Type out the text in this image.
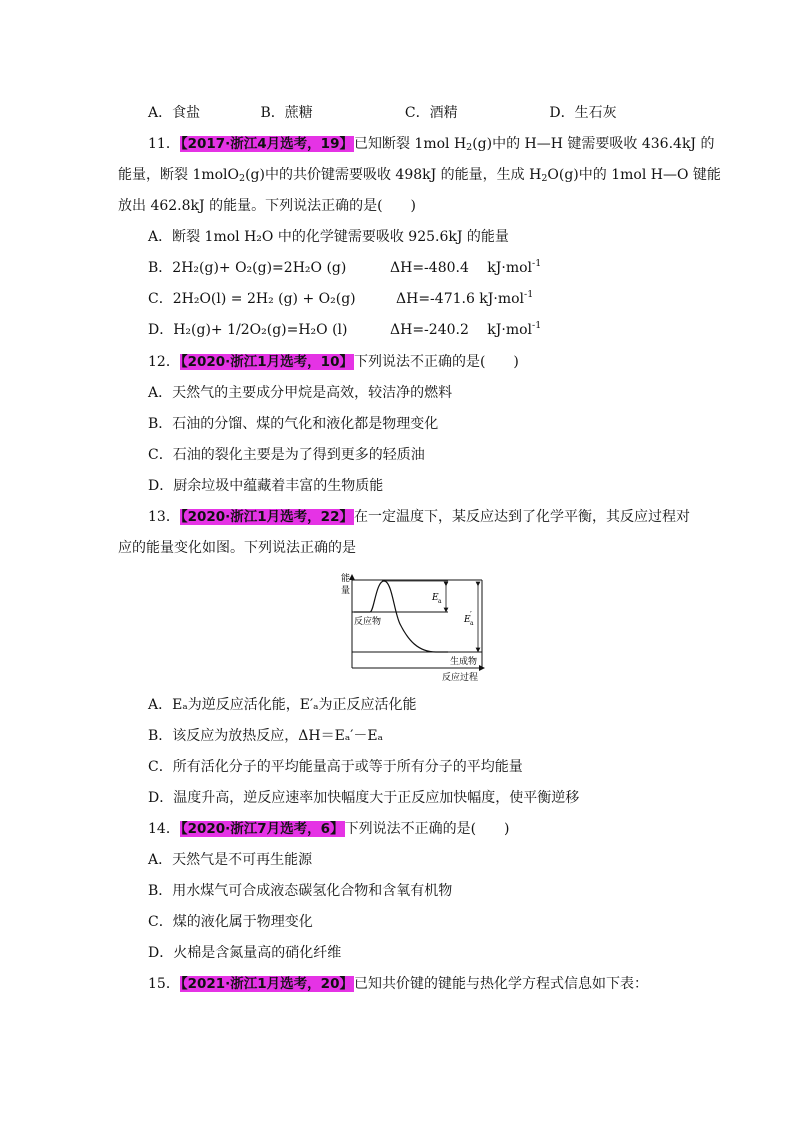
A．食盐	B．蔗糖	C．酒精	D．生石灰
11．【2017·浙江4月选考，19】已知断裂 1mol $H_2(g)$中的 H—H 键需要吸收 436.4kJ 的
能量，断裂 1molO$_2$(g)中的共价键需要吸收 498kJ 的能量，生成 $H_2O(g)$中的 1mol H—O 键能
放出 462.8kJ 的能量。下列说法正确的是(　　)
A．断裂 1mol H₂O 中的化学键需要吸收 925.6kJ 的能量
B．2H₂(g)+ O₂(g)=2H₂O (g)	ΔH=-480.4　 kJ·mol$^{-1}$
C．2H₂O(l) = 2H₂ (g) + O₂(g)	ΔH=-471.6 kJ·mol$^{-1}$
D．H₂(g)+ 1/2O₂(g)=H₂O (l)	ΔH=-240.2　 kJ·mol$^{-1}$
12．【2020·浙江1月选考，10】下列说法不正确的是(　　)
A．天然气的主要成分甲烷是高效，较洁净的燃料
B．石油的分馏、煤的气化和液化都是物理变化
C．石油的裂化主要是为了得到更多的轻质油
D．厨余垃圾中蕴藏着丰富的生物质能
13．【2020·浙江1月选考，22】在一定温度下，某反应达到了化学平衡，其反应过程对
应的能量变化如图。下列说法正确的是
能
量
反应物
生成物
反应过程
E a
E a
′
A．Eₐ为逆反应活化能，E′ₐ为正反应活化能
B．该反应为放热反应，ΔH＝Eₐ′－Eₐ
C．所有活化分子的平均能量高于或等于所有分子的平均能量
D．温度升高，逆反应速率加快幅度大于正反应加快幅度，使平衡逆移
14．【2020·浙江7月选考，6】下列说法不正确的是(　　)
A．天然气是不可再生能源
B．用水煤气可合成液态碳氢化合物和含氧有机物
C．煤的液化属于物理变化
D．火棉是含氮量高的硝化纤维
15．【2021·浙江1月选考，20】已知共价键的键能与热化学方程式信息如下表：
